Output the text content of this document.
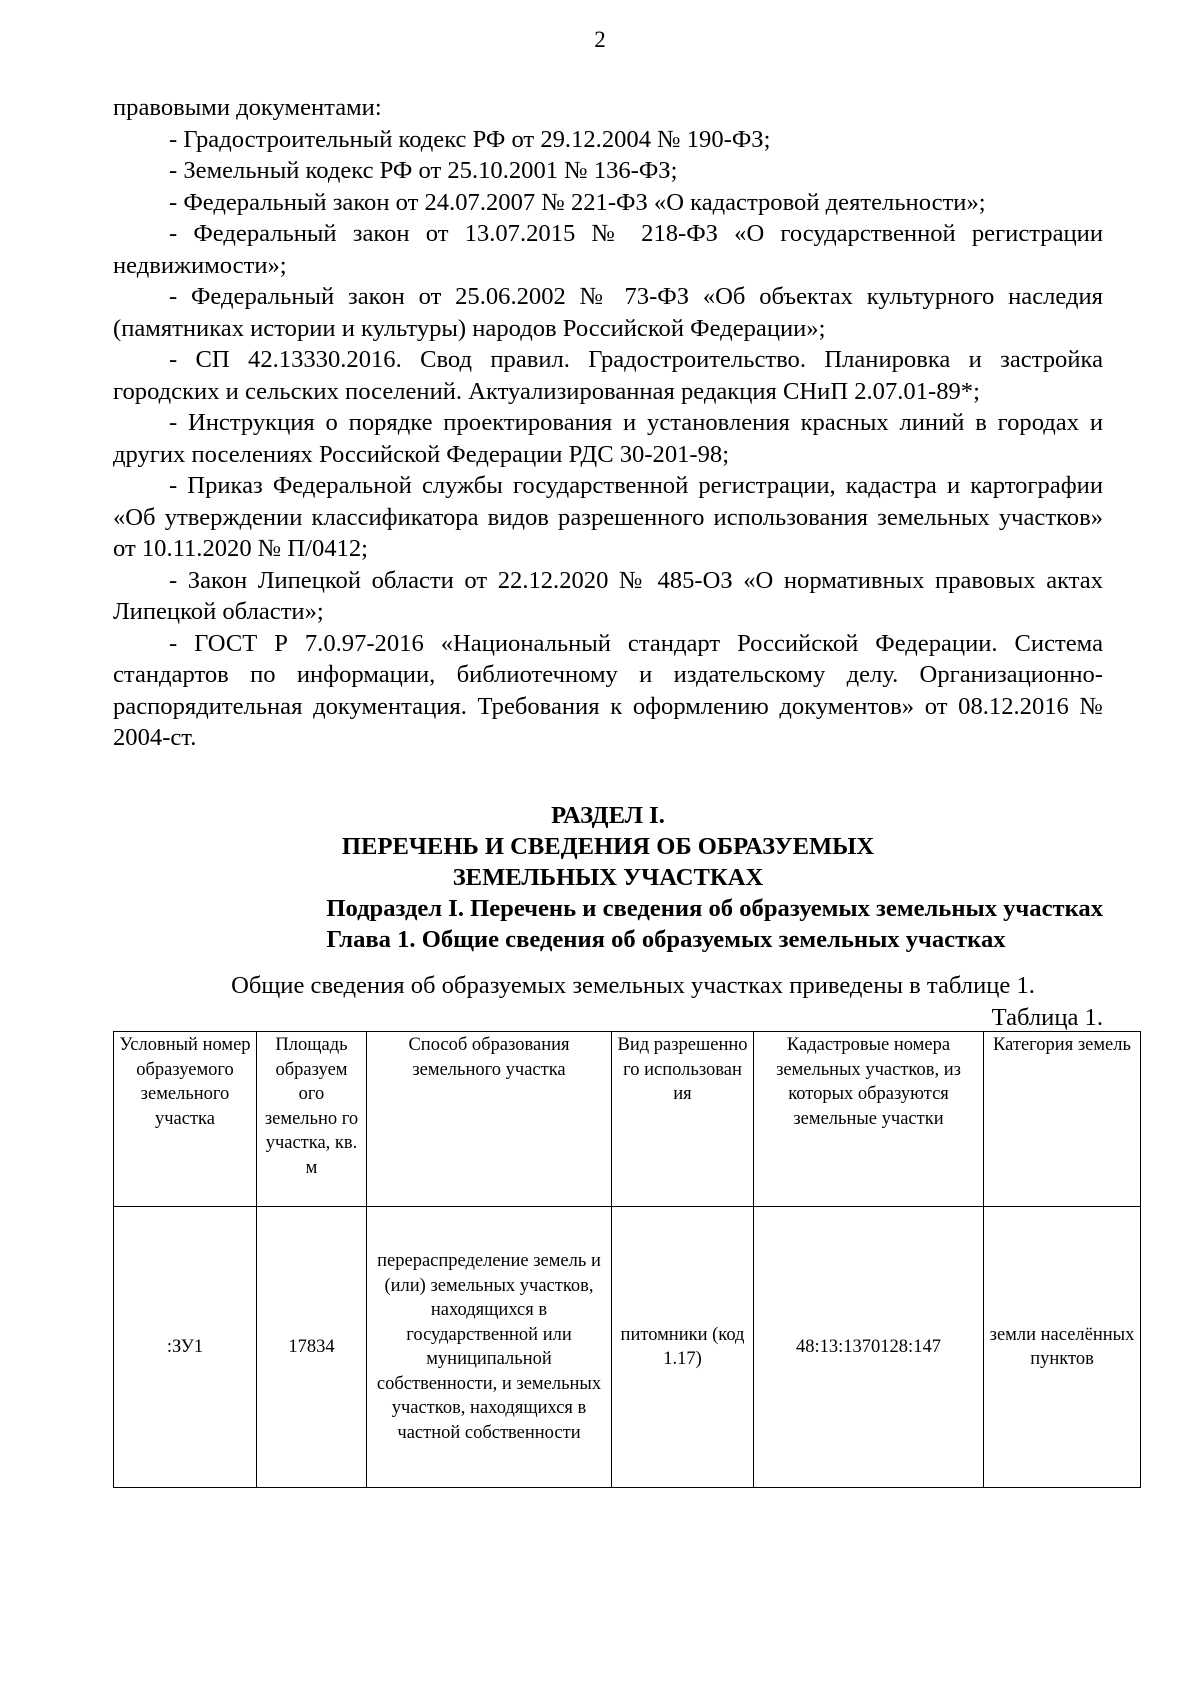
2

правовыми документами:

- Градостроительный кодекс РФ от 29.12.2004 № 190-ФЗ;

- Земельный кодекс РФ от 25.10.2001 № 136-ФЗ;

- Федеральный закон от 24.07.2007 № 221-ФЗ «О кадастровой деятельности»;

- Федеральный закон от 13.07.2015 № 218-ФЗ «О государственной регистрации недвижимости»;

- Федеральный закон от 25.06.2002 № 73-ФЗ «Об объектах культурного наследия (памятниках истории и культуры) народов Российской Федерации»;

- СП 42.13330.2016. Свод правил. Градостроительство. Планировка и застройка городских и сельских поселений. Актуализированная редакция СНиП 2.07.01-89*;

- Инструкция о порядке проектирования и установления красных линий в городах и других поселениях Российской Федерации РДС 30-201-98;

- Приказ Федеральной службы государственной регистрации, кадастра и картографии «Об утверждении классификатора видов разрешенного использования земельных участков» от 10.11.2020 № П/0412;

- Закон Липецкой области от 22.12.2020 № 485-ОЗ «О нормативных правовых актах Липецкой области»;

- ГОСТ Р 7.0.97-2016 «Национальный стандарт Российской Федерации. Система стандартов по информации, библиотечному и издательскому делу. Организационно-распорядительная документация. Требования к оформлению документов» от 08.12.2016 № 2004-ст.

РАЗДЕЛ I.

ПЕРЕЧЕНЬ И СВЕДЕНИЯ ОБ ОБРАЗУЕМЫХ

ЗЕМЕЛЬНЫХ УЧАСТКАХ

Подраздел I. Перечень и сведения об образуемых земельных участках

Глава 1. Общие сведения об образуемых земельных участках

Общие сведения об образуемых земельных участках приведены в таблице 1.
Таблица 1.
Условный номер образуемого земельного участка	Площадь образуем ого земельно го участка, кв. м	Способ образования земельного участка	Вид разрешенно го использован ия	Кадастровые номера земельных участков, из которых образуются земельные участки	Категория земель
:ЗУ1	17834	перераспределение земель и (или) земельных участков, находящихся в государственной или муниципальной собственности, и земельных участков, находящихся в частной собственности	питомники (код 1.17)	48:13:1370128:147	земли населённых пунктов
